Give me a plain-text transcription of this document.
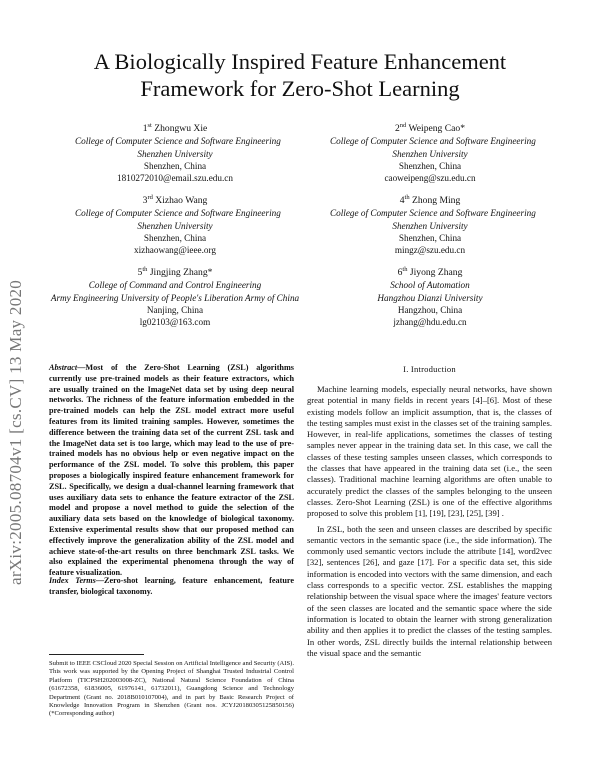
arXiv:2005.08704v1 [cs.CV] 13 May 2020
A Biologically Inspired Feature Enhancement Framework for Zero-Shot Learning
1st Zhongwu Xie
College of Computer Science and Software Engineering
Shenzhen University
Shenzhen, China
1810272010@email.szu.edu.cn
2nd Weipeng Cao*
College of Computer Science and Software Engineering
Shenzhen University
Shenzhen, China
caoweipeng@szu.edu.cn
3rd Xizhao Wang
College of Computer Science and Software Engineering
Shenzhen University
Shenzhen, China
xizhaowang@ieee.org
4th Zhong Ming
College of Computer Science and Software Engineering
Shenzhen University
Shenzhen, China
mingz@szu.edu.cn
5th Jingjing Zhang*
College of Command and Control Engineering
Army Engineering University of People's Liberation Army of China
Nanjing, China
lg02103@163.com
6th Jiyong Zhang
School of Automation
Hangzhou Dianzi University
Hangzhou, China
jzhang@hdu.edu.cn
Abstract—Most of the Zero-Shot Learning (ZSL) algorithms currently use pre-trained models as their feature extractors, which are usually trained on the ImageNet data set by using deep neural networks. The richness of the feature information embedded in the pre-trained models can help the ZSL model extract more useful features from its limited training samples. However, sometimes the difference between the training data set of the current ZSL task and the ImageNet data set is too large, which may lead to the use of pre-trained models has no obvious help or even negative impact on the performance of the ZSL model. To solve this problem, this paper proposes a biologically inspired feature enhancement framework for ZSL. Specifically, we design a dual-channel learning framework that uses auxiliary data sets to enhance the feature extractor of the ZSL model and propose a novel method to guide the selection of the auxiliary data sets based on the knowledge of biological taxonomy. Extensive experimental results show that our proposed method can effectively improve the generalization ability of the ZSL model and achieve state-of-the-art results on three benchmark ZSL tasks. We also explained the experimental phenomena through the way of feature visualization.
Index Terms—Zero-shot learning, feature enhancement, feature transfer, biological taxonomy.
Submit to IEEE CSCloud 2020 Special Session on Artificial Intelligence and Security (AIS). This work was supported by the Opening Project of Shanghai Trusted Industrial Control Platform (TICPSH202003008-ZC), National Natural Science Foundation of China (61672358, 61836005, 61976141, 61732011), Guangdong Science and Technology Department (Grant no. 2018B010107004), and in part by Basic Research Project of Knowledge Innovation Program in Shenzhen (Grant nos. JCYJ20180305125850156) (*Corresponding author)
I. Introduction

Machine learning models, especially neural networks, have shown great potential in many fields in recent years [4]–[6]. Most of these existing models follow an implicit assumption, that is, the classes of the testing samples must exist in the classes set of the training samples. However, in real-life applications, sometimes the classes of testing samples never appear in the training data set. In this case, we call the classes of these testing samples unseen classes, which corresponds to the classes that have appeared in the training data set (i.e., the seen classes). Traditional machine learning algorithms are often unable to accurately predict the classes of the samples belonging to the unseen classes. Zero-Shot Learning (ZSL) is one of the effective algorithms proposed to solve this problem [1], [19], [23], [25], [39] .

In ZSL, both the seen and unseen classes are described by specific semantic vectors in the semantic space (i.e., the side information). The commonly used semantic vectors include the attribute [14], word2vec [32], sentences [26], and gaze [17]. For a specific data set, this side information is encoded into vectors with the same dimension, and each class corresponds to a specific vector. ZSL establishes the mapping relationship between the visual space where the images' feature vectors of the seen classes are located and the semantic space where the side information is located to obtain the learner with strong generalization ability and then applies it to predict the classes of the testing samples. In other words, ZSL directly builds the internal relationship between the visual space and the semantic
